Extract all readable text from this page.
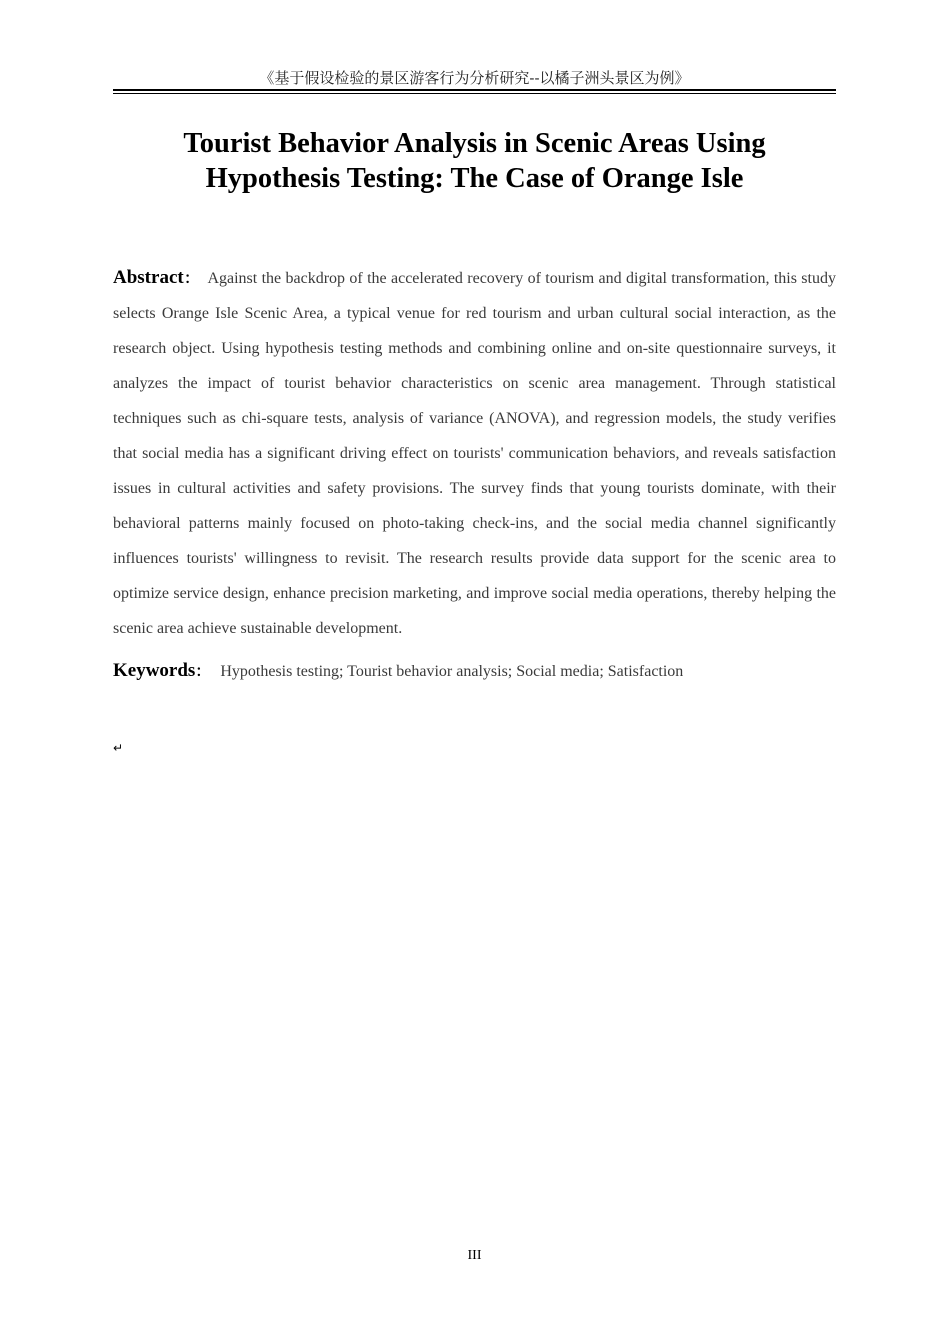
《基于假设检验的景区游客行为分析研究--以橘子洲头景区为例》
Tourist Behavior Analysis in Scenic Areas Using
Hypothesis Testing: The Case of Orange Isle

Abstract： Against the backdrop of the accelerated recovery of tourism and digital transformation, this study selects Orange Isle Scenic Area, a typical venue for red tourism and urban cultural social interaction, as the research object. Using hypothesis testing methods and combining online and on-site questionnaire surveys, it analyzes the impact of tourist behavior characteristics on scenic area management. Through statistical techniques such as chi-square tests, analysis of variance (ANOVA), and regression models, the study verifies that social media has a significant driving effect on tourists' communication behaviors, and reveals satisfaction issues in cultural activities and safety provisions. The survey finds that young tourists dominate, with their behavioral patterns mainly focused on photo-taking check-ins, and the social media channel significantly influences tourists' willingness to revisit. The research results provide data support for the scenic area to optimize service design, enhance precision marketing, and improve social media operations, thereby helping the scenic area achieve sustainable development.

Keywords： Hypothesis testing; Tourist behavior analysis; Social media; Satisfaction

↵
III
